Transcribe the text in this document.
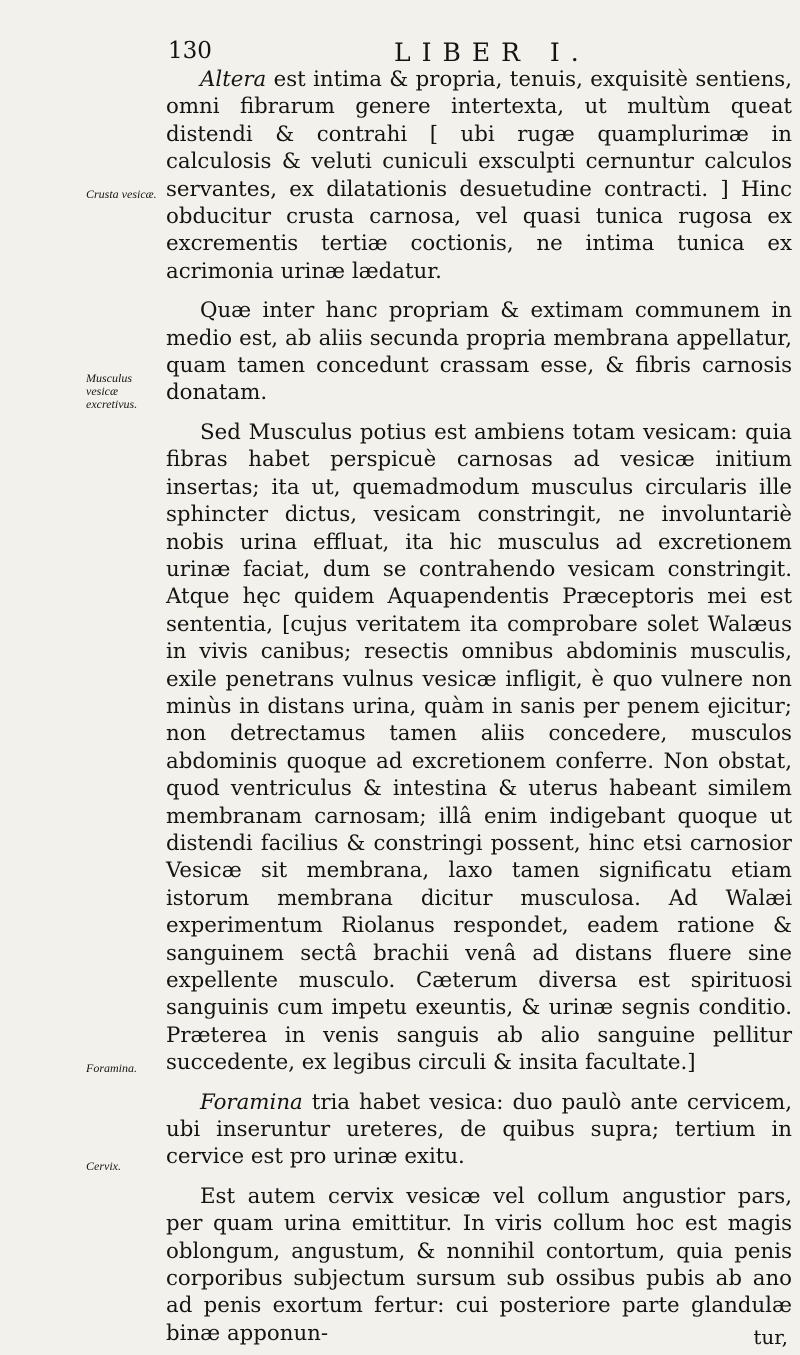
130	LIBER I.
Crusta vesicæ.
Musculus vesicæ excretivus.
Foramina.
Cervix.

Altera est intima & propria, tenuis, exquisitè sentiens, omni fibrarum genere intertexta, ut multùm queat distendi & contrahi [ ubi rugæ quamplurimæ in calculosis & veluti cuniculi exsculpti cernuntur calculos servantes, ex dilatationis desuetudine contracti. ] Hinc obducitur crusta carnosa, vel quasi tunica rugosa ex excrementis tertiæ coctionis, ne intima tunica ex acrimonia urinæ lædatur.

Quæ inter hanc propriam & extimam communem in medio est, ab aliis secunda propria membrana appellatur, quam tamen concedunt crassam esse, & fibris carnosis donatam.

Sed Musculus potius est ambiens totam vesicam: quia fibras habet perspicuè carnosas ad vesicæ initium insertas; ita ut, quemadmodum musculus circularis ille sphincter dictus, vesicam constringit, ne involuntariè nobis urina effluat, ita hic musculus ad excretionem urinæ faciat, dum se contrahendo vesicam constringit. Atque hęc quidem Aquapendentis Præceptoris mei est sententia, [cujus veritatem ita comprobare solet Walæus in vivis canibus; resectis omnibus abdominis musculis, exile penetrans vulnus vesicæ infligit, è quo vulnere non minùs in distans urina, quàm in sanis per penem ejicitur; non detrectamus tamen aliis concedere, musculos abdominis quoque ad excretionem conferre. Non obstat, quod ventriculus & intestina & uterus habeant similem membranam carnosam; illâ enim indigebant quoque ut distendi facilius & constringi possent, hinc etsi carnosior Vesicæ sit membrana, laxo tamen significatu etiam istorum membrana dicitur musculosa. Ad Walæi experimentum Riolanus respondet, eadem ratione & sanguinem sectâ brachii venâ ad distans fluere sine expellente musculo. Cæterum diversa est spirituosi sanguinis cum impetu exeuntis, & urinæ segnis conditio. Præterea in venis sanguis ab alio sanguine pellitur succedente, ex legibus circuli & insita facultate.]

Foramina tria habet vesica: duo paulò ante cervicem, ubi inseruntur ureteres, de quibus supra; tertium in cervice est pro urinæ exitu.

Est autem cervix vesicæ vel collum angustior pars, per quam urina emittitur. In viris collum hoc est magis oblongum, angustum, & nonnihil contortum, quia penis corporibus subjectum sursum sub ossibus pubis ab ano ad penis exortum fertur: cui posteriore parte glandulæ binæ apponun-	tur,
